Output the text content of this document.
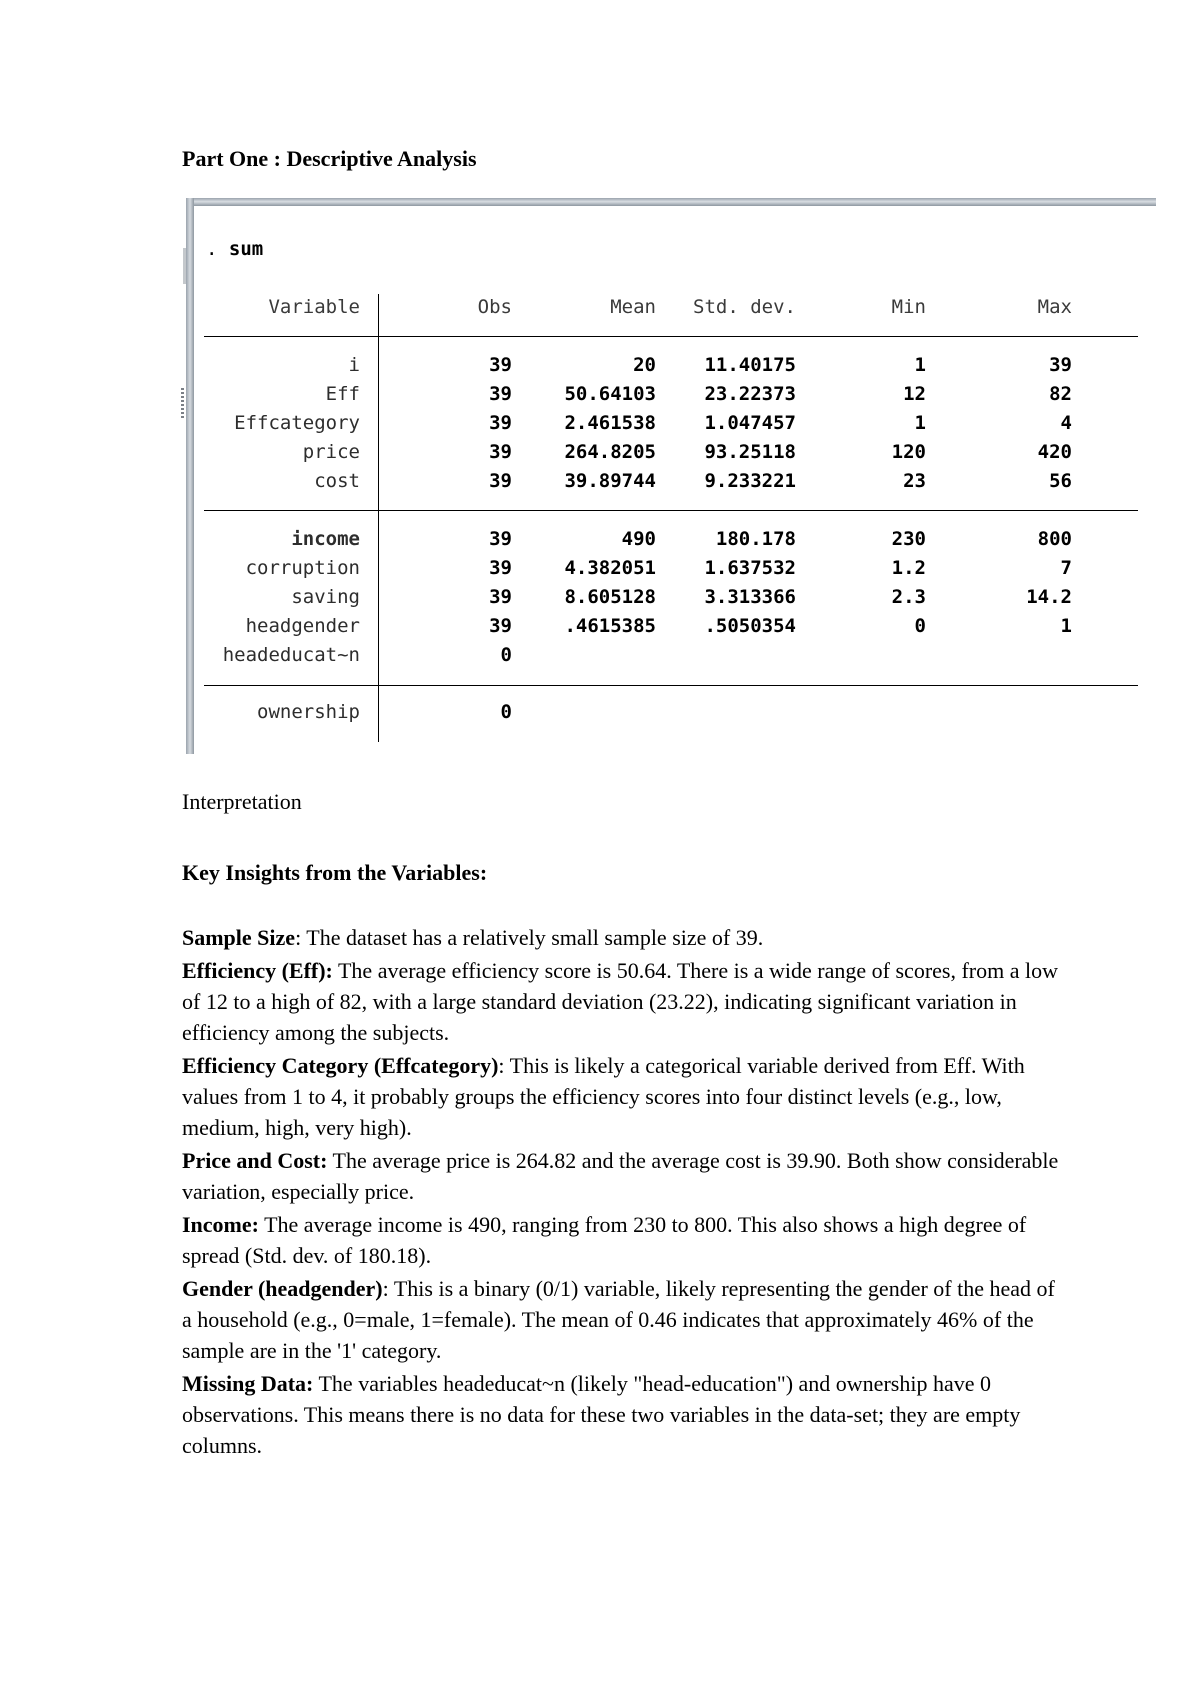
Part One : Descriptive Analysis
. sum
Variable	Obs	Mean	Std. dev.	Min	Max
i	39	20	11.40175	1	39
Eff	39	50.64103	23.22373	12	82
Effcategory	39	2.461538	1.047457	1	4
price	39	264.8205	93.25118	120	420
cost	39	39.89744	9.233221	23	56
income	39	490	180.178	230	800
corruption	39	4.382051	1.637532	1.2	7
saving	39	8.605128	3.313366	2.3	14.2
headgender	39	.4615385	.5050354	0	1
headeducat~n	0
ownership	0

Interpretation

Key Insights from the Variables:

Sample Size: The dataset has a relatively small sample size of 39.

Efficiency (Eff): The average efficiency score is 50.64. There is a wide range of scores, from a low of 12 to a high of 82, with a large standard deviation (23.22), indicating significant variation in efficiency among the subjects.

Efficiency Category (Effcategory): This is likely a categorical variable derived from Eff. With values from 1 to 4, it probably groups the efficiency scores into four distinct levels (e.g., low, medium, high, very high).

Price and Cost: The average price is 264.82 and the average cost is 39.90. Both show considerable variation, especially price.

Income: The average income is 490, ranging from 230 to 800. This also shows a high degree of spread (Std. dev. of 180.18).

Gender (headgender): This is a binary (0/1) variable, likely representing the gender of the head of a household (e.g., 0=male, 1=female). The mean of 0.46 indicates that approximately 46% of the sample are in the '1' category.

Missing Data: The variables headeducat~n (likely "head-education") and ownership have 0 observations. This means there is no data for these two variables in the data-set; they are empty columns.
